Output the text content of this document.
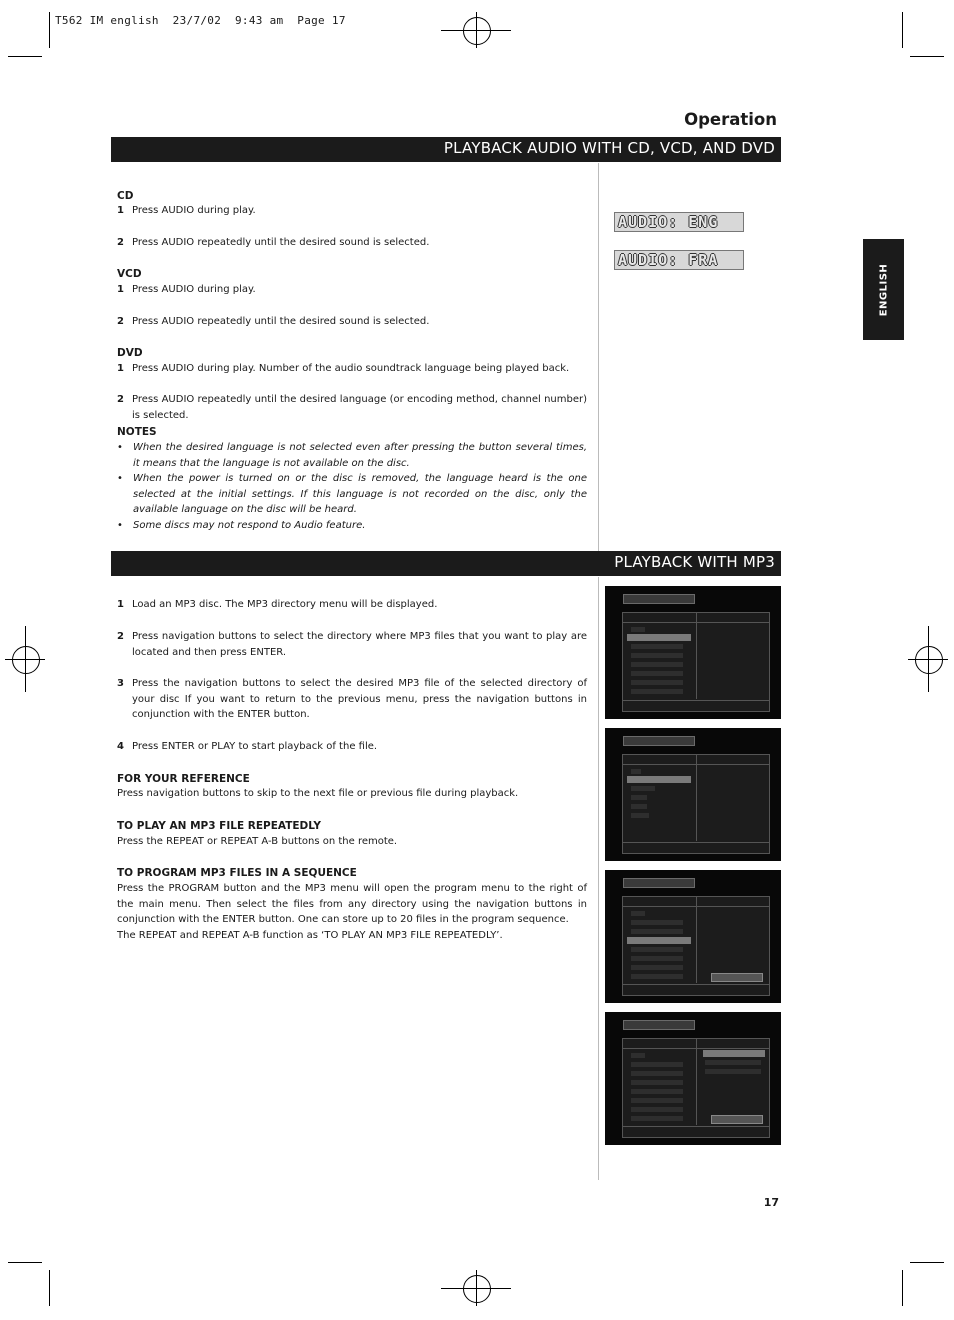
T562 IM english  23/7/02  9:43 am  Page 17
Operation
PLAYBACK AUDIO WITH CD, VCD, AND DVD
CD
1 Press AUDIO during play.
2 Press AUDIO repeatedly until the desired sound is selected.
VCD
1 Press AUDIO during play.
2 Press AUDIO repeatedly until the desired sound is selected.
DVD
1 Press AUDIO during play. Number of the audio soundtrack language being played back.
2 Press AUDIO repeatedly until the desired language (or encoding method, channel number) is selected.
NOTES
• When the desired language is not selected even after pressing the button several times, it means that the language is not available on the disc.
• When the power is turned on or the disc is removed, the language heard is the one selected at the initial settings. If this language is not recorded on the disc, only the available language on the disc will be heard.
• Some discs may not respond to Audio feature.
AUDIO: ENG
AUDIO: FRA
ENGLISH
PLAYBACK WITH MP3
1 Load an MP3 disc. The MP3 directory menu will be displayed.
2 Press navigation buttons to select the directory where MP3 files that you want to play are located and then press ENTER.
3 Press the navigation buttons to select the desired MP3 file of the selected directory of your disc If you want to return to the previous menu, press the navigation buttons in conjunction with the ENTER button.
4 Press ENTER or PLAY to start playback of the file.
FOR YOUR REFERENCE
Press navigation buttons to skip to the next file or previous file during playback.
TO PLAY AN MP3 FILE REPEATEDLY
Press the REPEAT or REPEAT A-B buttons on the remote.
TO PROGRAM MP3 FILES IN A SEQUENCE
Press the PROGRAM button and the MP3 menu will open the program menu to the right of the main menu. Then select the files from any directory using the navigation buttons in conjunction with the ENTER button. One can store up to 20 files in the program sequence.
The REPEAT and REPEAT A-B function as ‘TO PLAY AN MP3 FILE REPEATEDLY’.
17
